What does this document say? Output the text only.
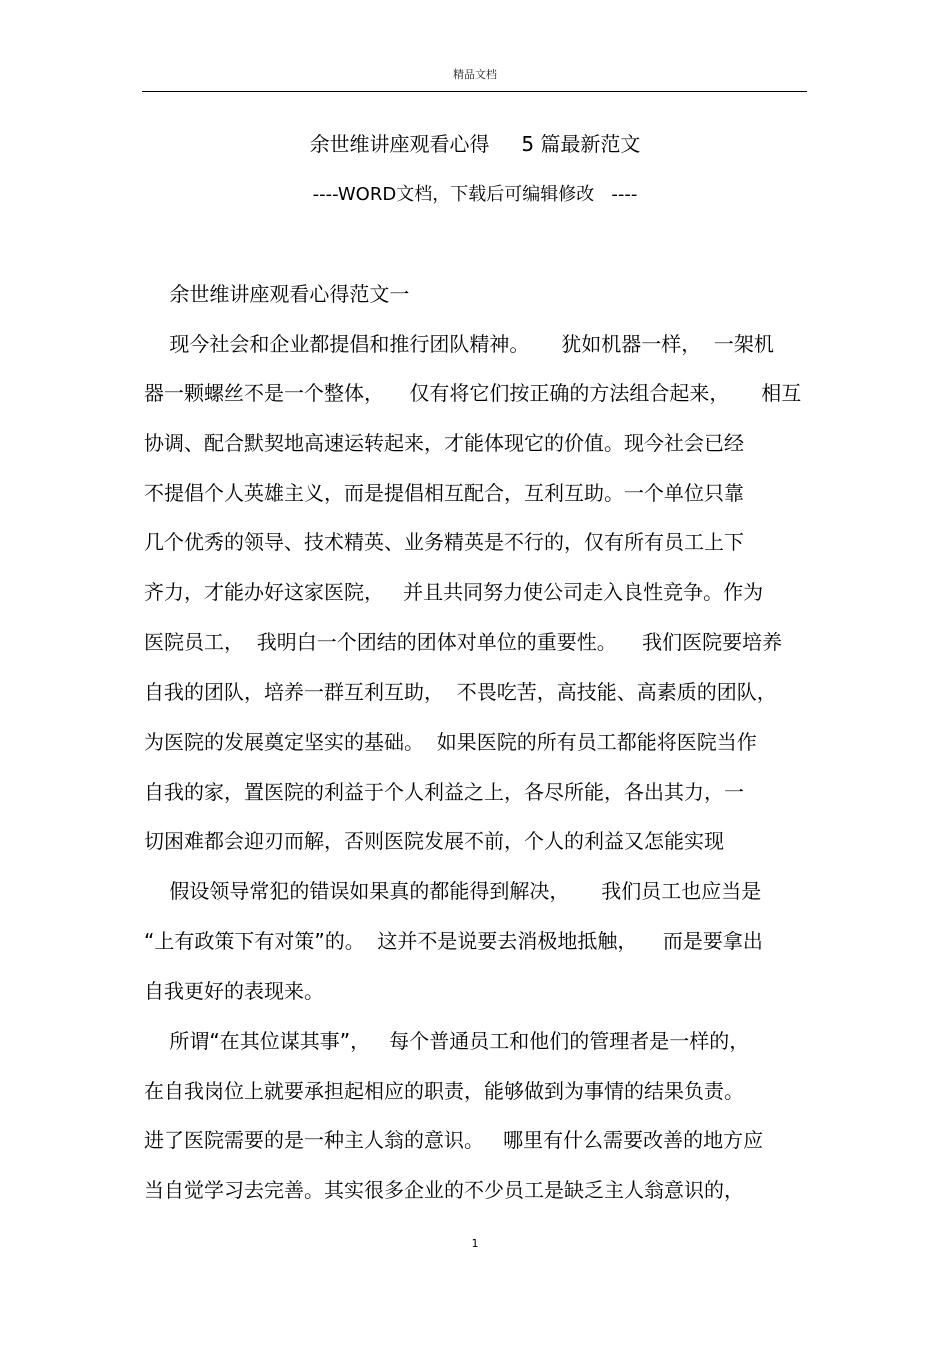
精品文档
余世维讲座观看心得     5 篇最新范文
----WORD文档，下载后可编辑修改   ----
余世维讲座观看心得范文一
现今社会和企业都提倡和推行团队精神。     犹如机器一样，  一架机
器一颗螺丝不是一个整体，    仅有将它们按正确的方法组合起来，     相互
协调、配合默契地高速运转起来，才能体现它的价值。现今社会已经
不提倡个人英雄主义，而是提倡相互配合，互利互助。一个单位只靠
几个优秀的领导、技术精英、业务精英是不行的，仅有所有员工上下
齐力，才能办好这家医院，   并且共同努力使公司走入良性竞争。作为
医院员工，  我明白一个团结的团体对单位的重要性。    我们医院要培养
自我的团队，培养一群互利互助，  不畏吃苦，高技能、高素质的团队，
为医院的发展奠定坚实的基础。  如果医院的所有员工都能将医院当作
自我的家，置医院的利益于个人利益之上，各尽所能，各出其力，一
切困难都会迎刃而解，否则医院发展不前，个人的利益又怎能实现
假设领导常犯的错误如果真的都能得到解决，     我们员工也应当是
“上有政策下有对策”的。  这并不是说要去消极地抵触，    而是要拿出
自我更好的表现来。
所谓“在其位谋其事”，   每个普通员工和他们的管理者是一样的，
在自我岗位上就要承担起相应的职责，能够做到为事情的结果负责。
进了医院需要的是一种主人翁的意识。   哪里有什么需要改善的地方应
当自觉学习去完善。其实很多企业的不少员工是缺乏主人翁意识的，
1
